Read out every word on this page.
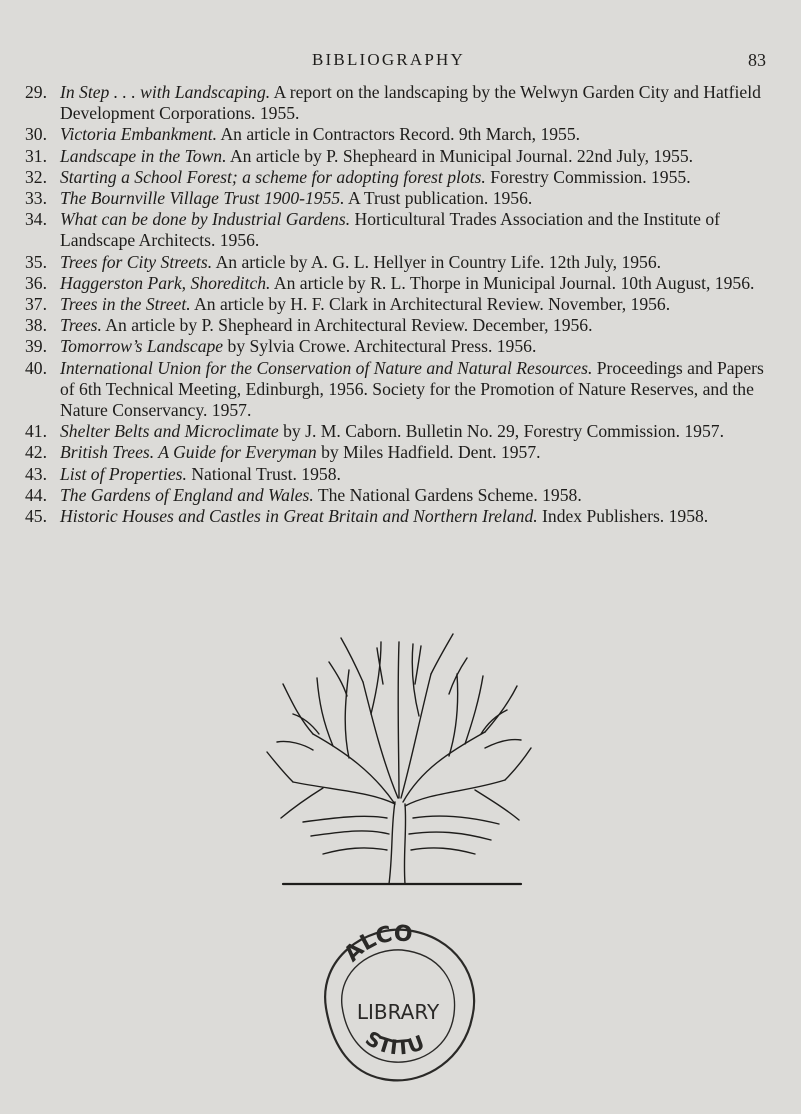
BIBLIOGRAPHY	83

29. In Step . . . with Landscaping. A report on the landscaping by the Welwyn Garden City and Hatfield Development Corporations. 1955.

30. Victoria Embankment. An article in Contractors Record. 9th March, 1955.

31. Landscape in the Town. An article by P. Shepheard in Municipal Journal. 22nd July, 1955.

32. Starting a School Forest; a scheme for adopting forest plots. Forestry Commission. 1955.

33. The Bournville Village Trust 1900-1955. A Trust publication. 1956.

34. What can be done by Industrial Gardens. Horticultural Trades Association and the Institute of Landscape Architects. 1956.

35. Trees for City Streets. An article by A. G. L. Hellyer in Country Life. 12th July, 1956.

36. Haggerston Park, Shoreditch. An article by R. L. Thorpe in Municipal Journal. 10th August, 1956.

37. Trees in the Street. An article by H. F. Clark in Architectural Review. November, 1956.

38. Trees. An article by P. Shepheard in Architectural Review. December, 1956.

39. Tomorrow’s Landscape by Sylvia Crowe. Architectural Press. 1956.

40. International Union for the Conservation of Nature and Natural Resources. Proceedings and Papers of 6th Technical Meeting, Edinburgh, 1956. Society for the Promotion of Nature Reserves, and the Nature Conservancy. 1957.

41. Shelter Belts and Microclimate by J. M. Caborn. Bulletin No. 29, Forestry Commission. 1957.

42. British Trees. A Guide for Everyman by Miles Hadfield. Dent. 1957.

43. List of Properties. National Trust. 1958.

44. The Gardens of England and Wales. The National Gardens Scheme. 1958.

45. Historic Houses and Castles in Great Britain and Northern Ireland. Index Publishers. 1958.

ALCO
LIBRARY
STITU
